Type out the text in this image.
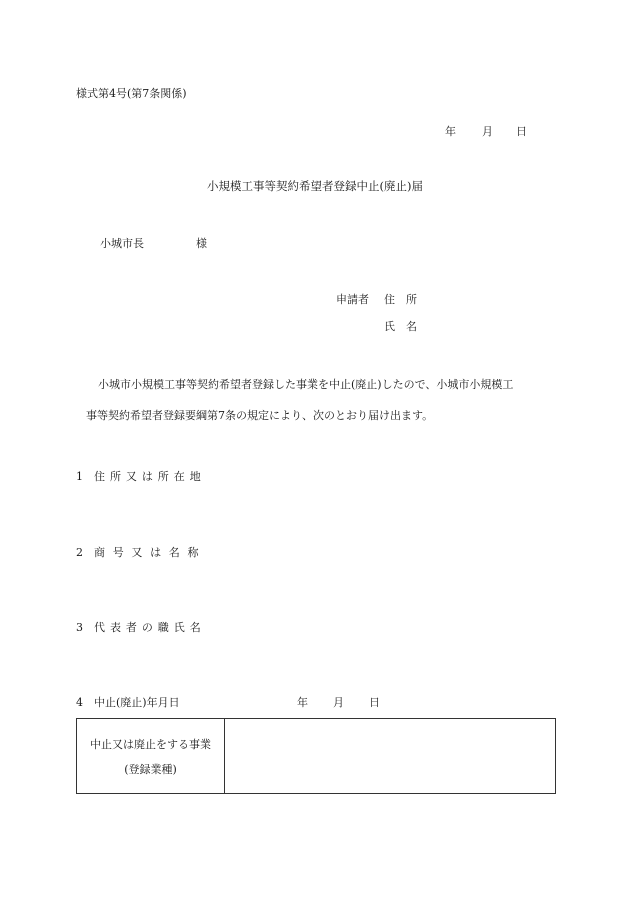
様式第4号(第7条関係)
年 月 日
小規模工事等契約希望者登録中止(廃止)届
小城市長	様
申請者 住　所
氏　名
小城市小規模工事等契約希望者登録した事業を中止(廃止)したので、小城市小規模工
事等契約希望者登録要綱第7条の規定により、次のとおり届け出ます。
1 住所又は所在地
2 商号又は名称
3 代表者の職氏名
4 中止(廃止)年月日	年 月 日
中止又は廃止をする事業
(登録業種)
